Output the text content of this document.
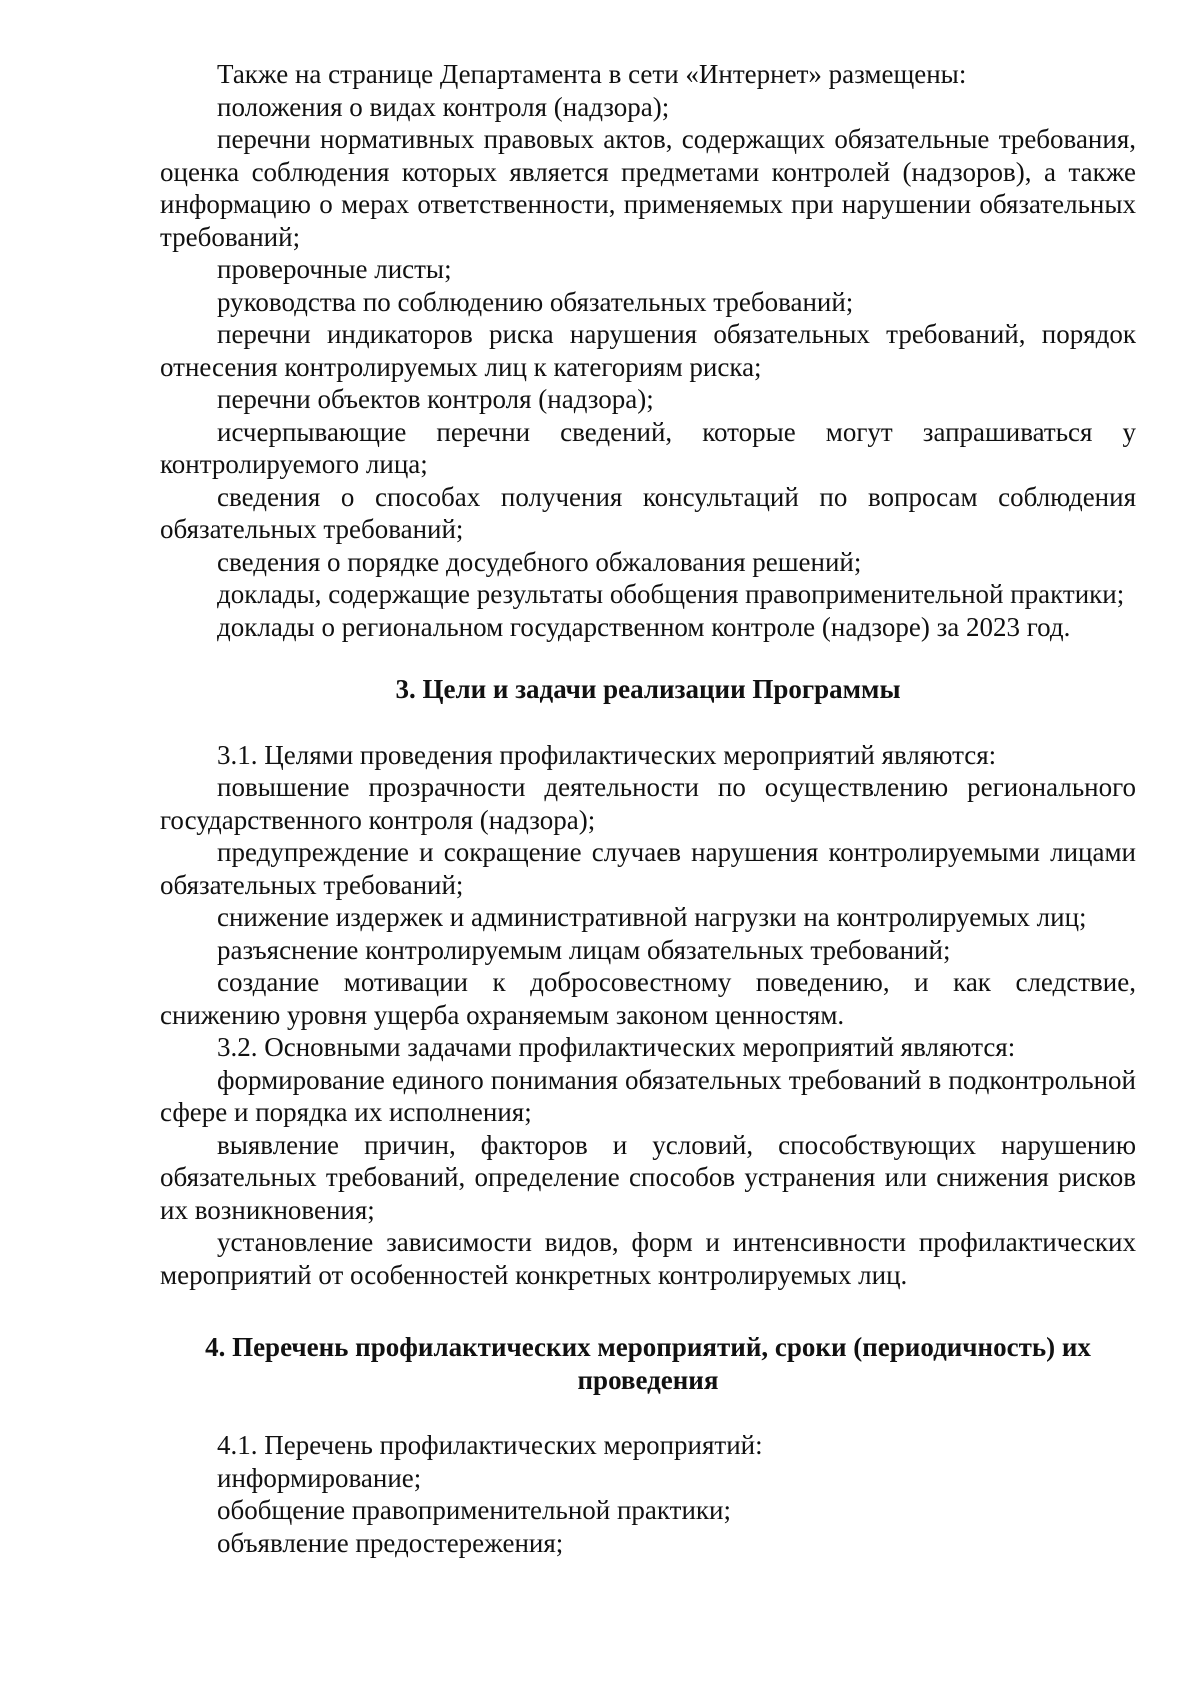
Также на странице Департамента в сети «Интернет» размещены:

положения о видах контроля (надзора);

перечни нормативных правовых актов, содержащих обязательные требования, оценка соблюдения которых является предметами контролей (надзоров), а также информацию о мерах ответственности, применяемых при нарушении обязательных требований;

проверочные листы;

руководства по соблюдению обязательных требований;

перечни индикаторов риска нарушения обязательных требований, порядок отнесения контролируемых лиц к категориям риска;

перечни объектов контроля (надзора);

исчерпывающие перечни сведений, которые могут запрашиваться у контролируемого лица;

сведения о способах получения консультаций по вопросам соблюдения обязательных требований;

сведения о порядке досудебного обжалования решений;

доклады, содержащие результаты обобщения правоприменительной практики;

доклады о региональном государственном контроле (надзоре) за 2023 год.

3. Цели и задачи реализации Программы

3.1. Целями проведения профилактических мероприятий являются:

повышение прозрачности деятельности по осуществлению регионального государственного контроля (надзора);

предупреждение и сокращение случаев нарушения контролируемыми лицами обязательных требований;

снижение издержек и административной нагрузки на контролируемых лиц;

разъяснение контролируемым лицам обязательных требований;

создание мотивации к добросовестному поведению, и как следствие, снижению уровня ущерба охраняемым законом ценностям.

3.2. Основными задачами профилактических мероприятий являются:

формирование единого понимания обязательных требований в подконтрольной сфере и порядка их исполнения;

выявление причин, факторов и условий, способствующих нарушению обязательных требований, определение способов устранения или снижения рисков их возникновения;

установление зависимости видов, форм и интенсивности профилактических мероприятий от особенностей конкретных контролируемых лиц.

4. Перечень профилактических мероприятий, сроки (периодичность) их
проведения

4.1. Перечень профилактических мероприятий:

информирование;

обобщение правоприменительной практики;

объявление предостережения;
